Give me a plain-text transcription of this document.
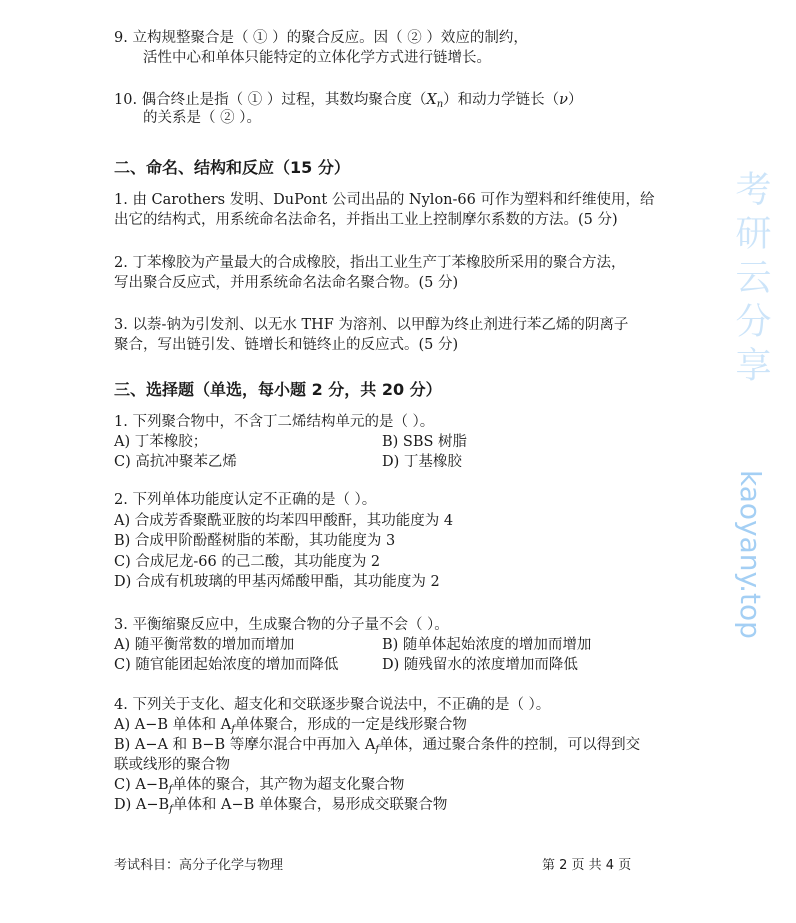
考研云分享
kaoyany.top
9. 立构规整聚合是（ ① ）的聚合反应。因（ ② ）效应的制约，
活性中心和单体只能特定的立体化学方式进行链增长。
10. 偶合终止是指（ ① ）过程，其数均聚合度$(X_n)$和动力学链长（ν）
的关系是（ ② ）。
二、命名、结构和反应（15 分）
1. 由 Carothers 发明、DuPont 公司出品的 Nylon-66 可作为塑料和纤维使用，给
出它的结构式，用系统命名法命名，并指出工业上控制摩尔系数的方法。(5 分)
2. 丁苯橡胶为产量最大的合成橡胶，指出工业生产丁苯橡胶所采用的聚合方法，
写出聚合反应式，并用系统命名法命名聚合物。(5 分)
3. 以萘-钠为引发剂、以无水 THF 为溶剂、以甲醇为终止剂进行苯乙烯的阴离子
聚合，写出链引发、链增长和链终止的反应式。(5 分)
三、选择题（单选，每小题 2 分，共 20 分）
1. 下列聚合物中，不含丁二烯结构单元的是（ ）。
A) 丁苯橡胶；	B) SBS 树脂
C) 高抗冲聚苯乙烯	D) 丁基橡胶
2. 下列单体功能度认定不正确的是（ ）。
A) 合成芳香聚酰亚胺的均苯四甲酸酐，其功能度为 4
B) 合成甲阶酚醛树脂的苯酚，其功能度为 3
C) 合成尼龙-66 的己二酸，其功能度为 2
D) 合成有机玻璃的甲基丙烯酸甲酯，其功能度为 2
3. 平衡缩聚反应中，生成聚合物的分子量不会（ ）。
A) 随平衡常数的增加而增加	B) 随单体起始浓度的增加而增加
C) 随官能团起始浓度的增加而降低	D) 随残留水的浓度增加而降低
4. 下列关于支化、超支化和交联逐步聚合说法中，不正确的是（ ）。
A) A−B 单体和 $A_f$单体聚合，形成的一定是线形聚合物
B) A−A 和 B−B 等摩尔混合中再加入 $A_f$单体，通过聚合条件的控制，可以得到交
联或线形的聚合物
C) $A-B_f$单体的聚合，其产物为超支化聚合物
D) $A-B_f$单体和 A−B 单体聚合，易形成交联聚合物
考试科目：高分子化学与物理	第 2 页 共 4 页
